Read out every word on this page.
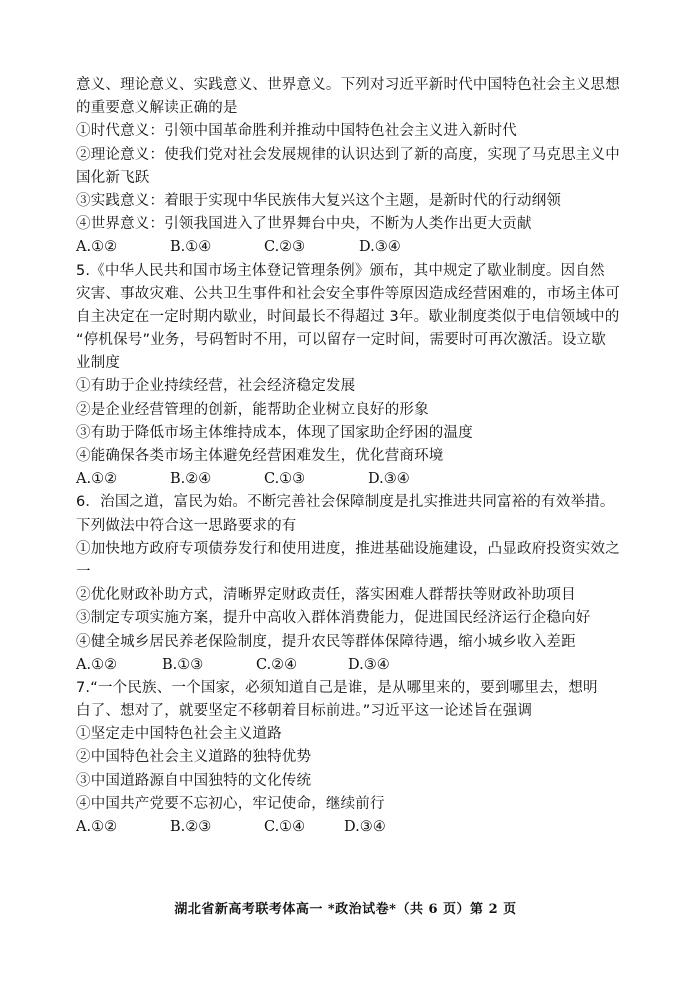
意义、理论意义、实践意义、世界意义。下列对习近平新时代中国特色社会主义思想
的重要意义解读正确的是
①时代意义：引领中国革命胜利并推动中国特色社会主义进入新时代
②理论意义：使我们党对社会发展规律的认识达到了新的高度，实现了马克思主义中
国化新飞跃
③实践意义：着眼于实现中华民族伟大复兴这个主题，是新时代的行动纲领
④世界意义：引领我国进入了世界舞台中央，不断为人类作出更大贡献
A.①②	B.①④	C.②③	D.③④
5.《中华人民共和国市场主体登记管理条例》颁布，其中规定了歇业制度。因自然
灾害、事故灾难、公共卫生事件和社会安全事件等原因造成经营困难的，市场主体可
自主决定在一定时期内歇业，时间最长不得超过 3年。歇业制度类似于电信领域中的
“停机保号”业务，号码暂时不用，可以留存一定时间，需要时可再次激活。设立歇
业制度
①有助于企业持续经营，社会经济稳定发展
②是企业经营管理的创新，能帮助企业树立良好的形象
③有助于降低市场主体维持成本，体现了国家助企纾困的温度
④能确保各类市场主体避免经营困难发生，优化营商环境
A.①②	B.②④	C.①③	D.③④
6．治国之道，富民为始。不断完善社会保障制度是扎实推进共同富裕的有效举措。
下列做法中符合这一思路要求的有
①加快地方政府专项债券发行和使用进度，推进基础设施建设，凸显政府投资实效之
一
②优化财政补助方式，清晰界定财政责任，落实困难人群帮扶等财政补助项目
③制定专项实施方案，提升中高收入群体消费能力，促进国民经济运行企稳向好
④健全城乡居民养老保险制度，提升农民等群体保障待遇，缩小城乡收入差距
A.①②	B.①③	C.②④	D.③④
7.“一个民族、一个国家，必须知道自己是谁，是从哪里来的，要到哪里去，想明
白了、想对了，就要坚定不移朝着目标前进。”习近平这一论述旨在强调
①坚定走中国特色社会主义道路
②中国特色社会主义道路的独特优势
③中国道路源自中国独特的文化传统
④中国共产党要不忘初心，牢记使命，继续前行
A.①②	B.②③	C.①④	D.③④
湖北省新高考联考体高一 *政治试卷*（共 6 页）第 2 页
